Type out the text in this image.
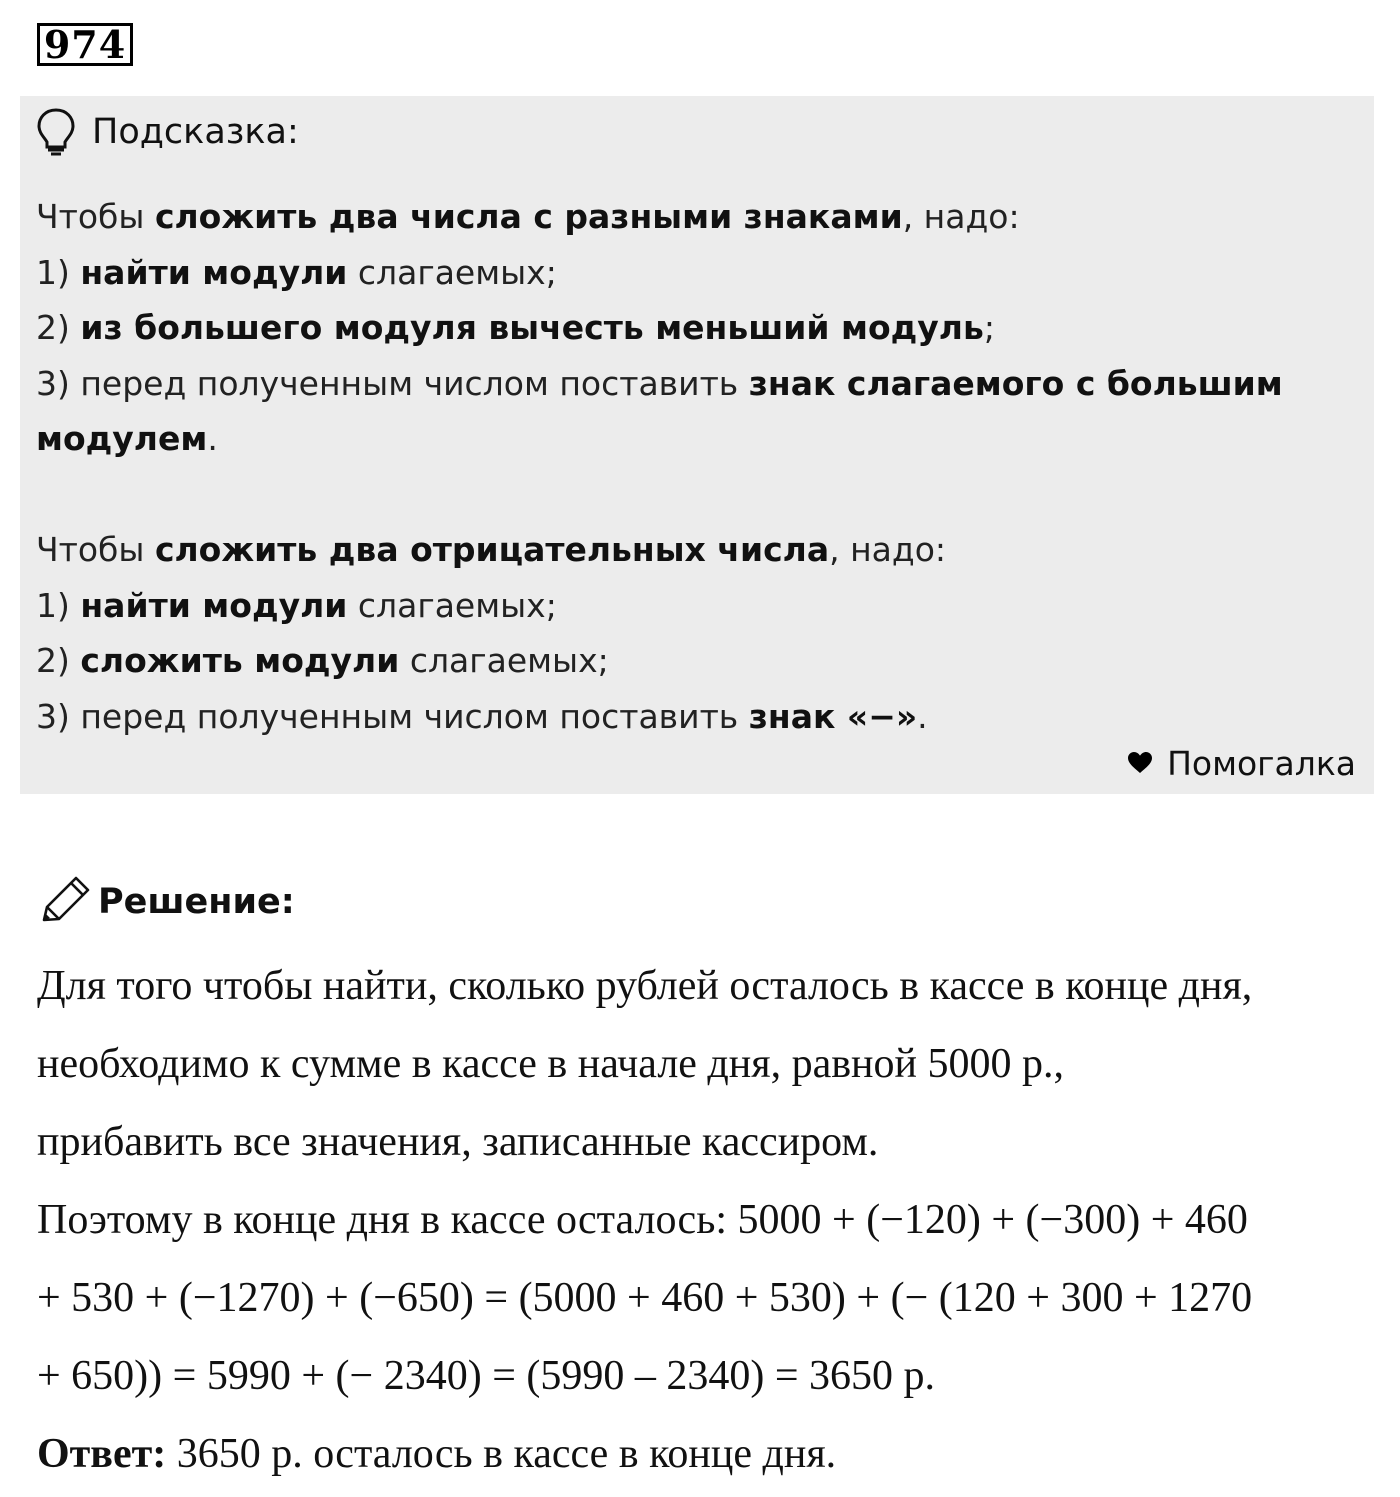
974
Подсказка:

Чтобы сложить два числа с разными знаками, надо:

1) найти модули слагаемых;

2) из большего модуля вычесть меньший модуль;

3) перед полученным числом поставить знак слагаемого с большим

модулем.

Чтобы сложить два отрицательных числа, надо:

1) найти модули слагаемых;

2) сложить модули слагаемых;

3) перед полученным числом поставить знак «−».

Помогалка
Решение:

Для того чтобы найти, сколько рублей осталось в кассе в конце дня,

необходимо к сумме в кассе в начале дня, равной 5000 р.,

прибавить все значения, записанные кассиром.

Поэтому в конце дня в кассе осталось: 5000 + (−120) + (−300) + 460

+ 530 + (−1270) + (−650) = (5000 + 460 + 530) + (− (120 + 300 + 1270

+ 650)) = 5990 + (− 2340) = (5990 – 2340) = 3650 р.

Ответ: 3650 р. осталось в кассе в конце дня.
